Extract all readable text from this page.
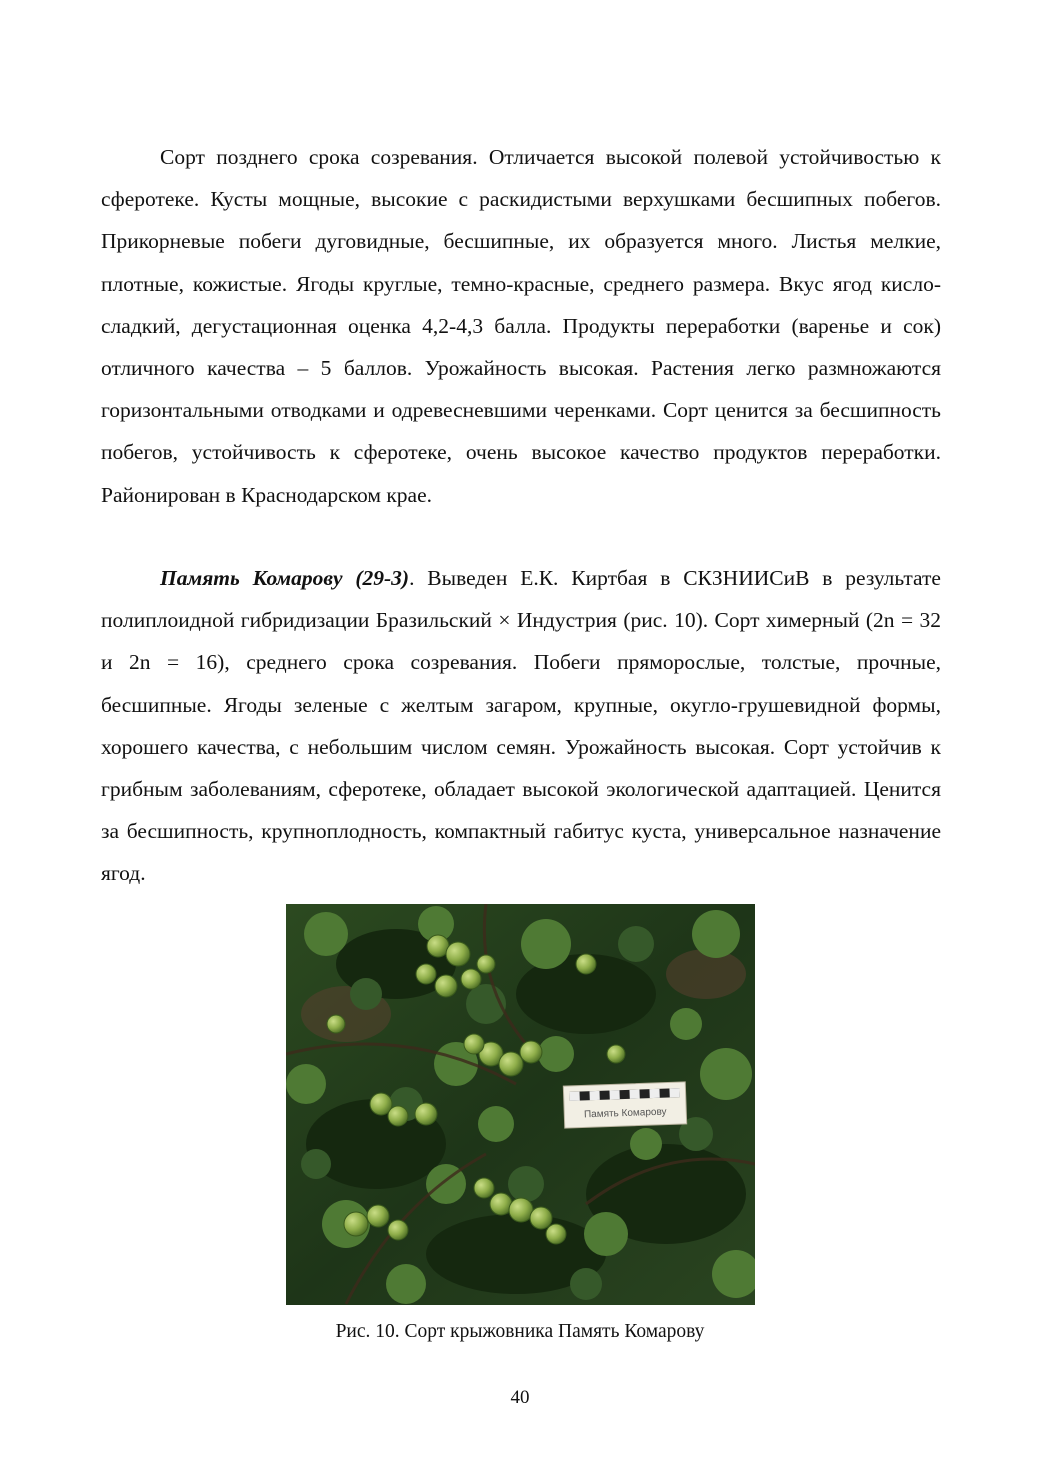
Сорт позднего срока созревания. Отличается высокой полевой устойчивостью к сферотеке. Кусты мощные, высокие с раскидистыми верхушками бесшипных побегов. Прикорневые побеги дуговидные, бесшипные, их образуется много. Листья мелкие, плотные, кожистые. Ягоды круглые, темно-красные, среднего размера. Вкус ягод кисло-сладкий, дегустационная оценка 4,2-4,3 балла. Продукты переработки (варенье и сок) отличного качества – 5 баллов. Урожайность высокая. Растения легко размножаются горизонтальными отводками и одревесневшими черенками. Сорт ценится за бесшипность побегов, устойчивость к сферотеке, очень высокое качество продуктов переработки. Районирован в Краснодарском крае.

Память Комарову (29-3). Выведен Е.К. Киртбая в СКЗНИИСиВ в результате полиплоидной гибридизации Бразильский × Индустрия (рис. 10). Сорт химерный (2n = 32 и 2n = 16), среднего срока созревания. Побеги пряморослые, толстые, прочные, бесшипные. Ягоды зеленые с желтым загаром, крупные, окугло-грушевидной формы, хорошего качества, с небольшим числом семян. Урожайность высокая. Сорт устойчив к грибным заболеваниям, сферотеке, обладает высокой экологической адаптацией. Ценится за бесшипность, крупноплодность, компактный габитус куста, универсальное назначение ягод.

Память Комарову
Рис. 10. Сорт крыжовника Память Комарову
40
